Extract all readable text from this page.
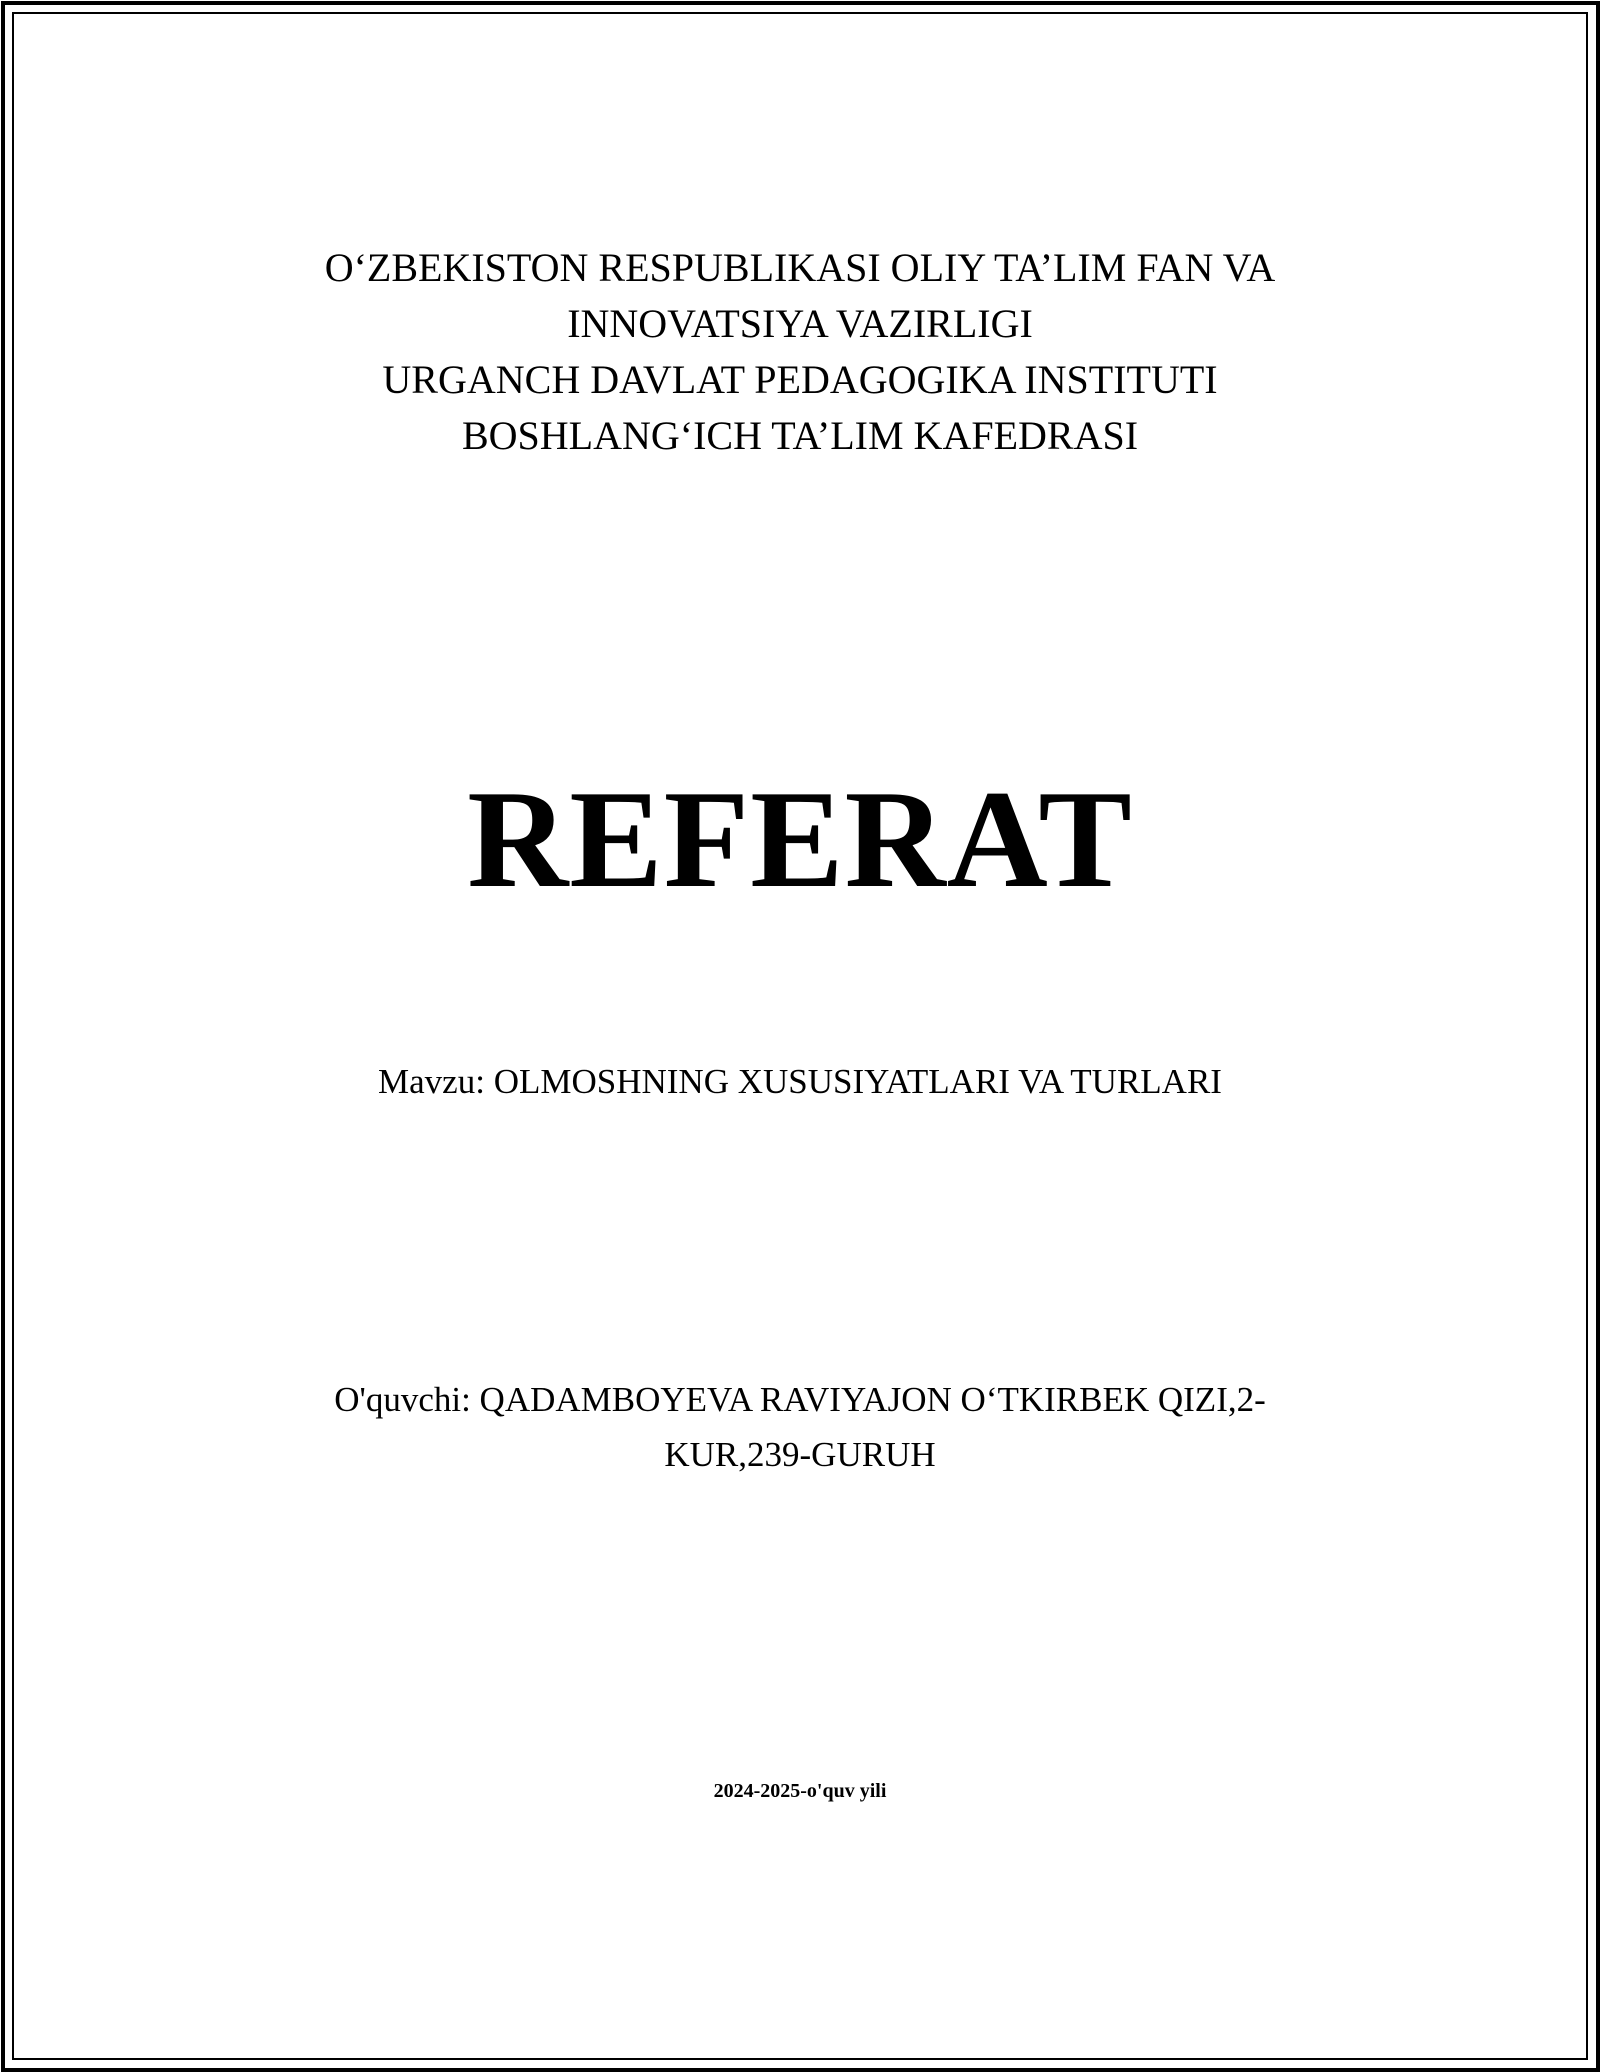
O‘ZBEKISTON RESPUBLIKASI OLIY TA’LIM FAN VA
INNOVATSIYA VAZIRLIGI
URGANCH DAVLAT PEDAGOGIKA INSTITUTI
BOSHLANG‘ICH TA’LIM KAFEDRASI
REFERAT
Mavzu: OLMOSHNING XUSUSIYATLARI VA TURLARI
O'quvchi: QADAMBOYEVA RAVIYAJON O‘TKIRBEK QIZI,2-KUR,239-GURUH
2024-2025-o'quv yili
